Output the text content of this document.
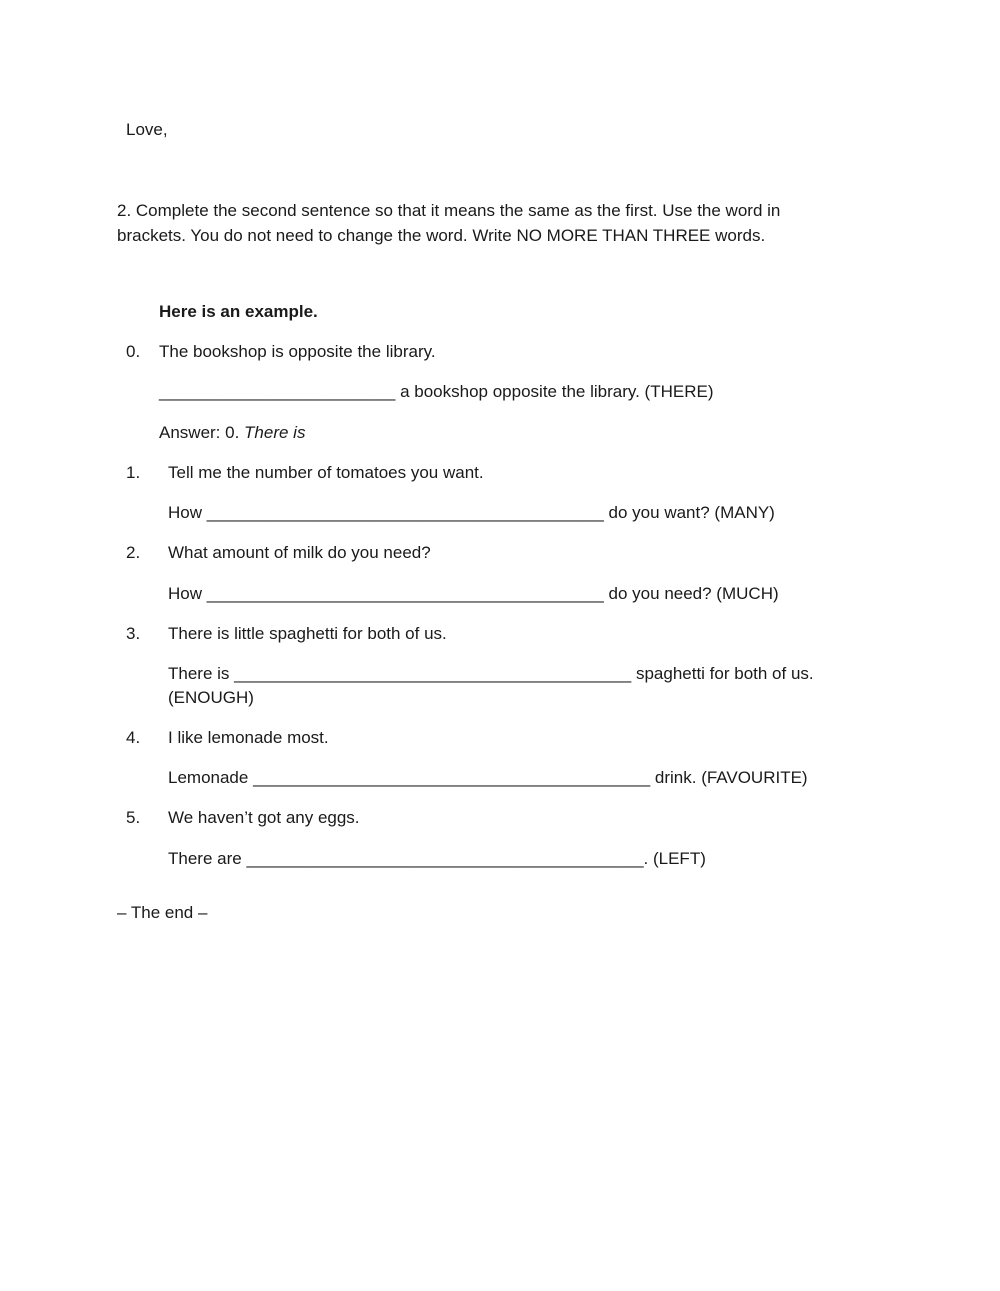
Love,
2. Complete the second sentence so that it means the same as the first. Use the word in
brackets. You do not need to change the word. Write NO MORE THAN THREE words.
Here is an example.
0. The bookshop is opposite the library.
_________________________ a bookshop opposite the library. (THERE)
Answer: 0. There is
1. Tell me the number of tomatoes you want.
How __________________________________________ do you want? (MANY)
2. What amount of milk do you need?
How __________________________________________ do you need? (MUCH)
3. There is little spaghetti for both of us.
There is __________________________________________ spaghetti for both of us.
(ENOUGH)
4. I like lemonade most.
Lemonade __________________________________________ drink. (FAVOURITE)
5. We haven’t got any eggs.
There are __________________________________________. (LEFT)
– The end –
